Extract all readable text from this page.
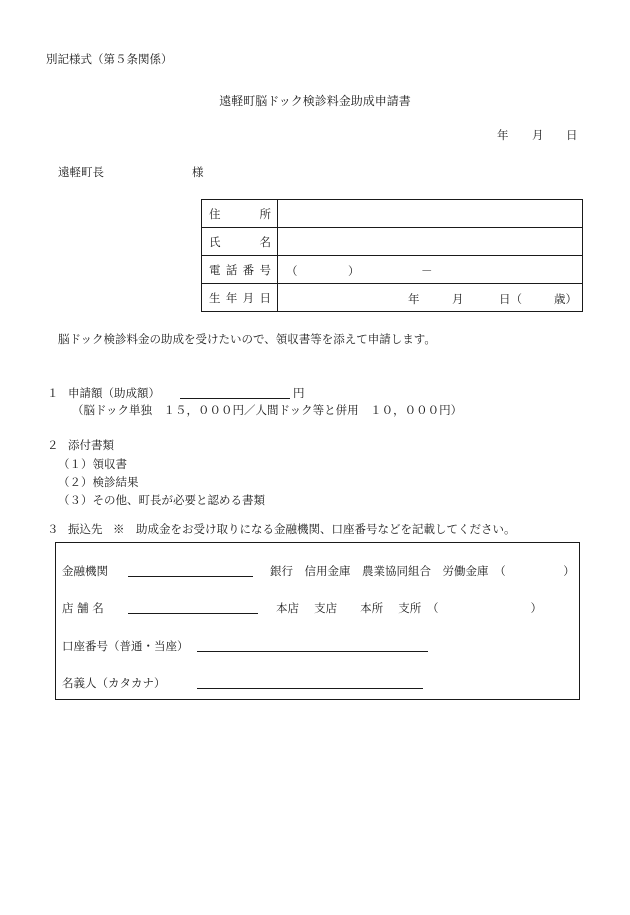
別記様式（第５条関係）
遠軽町脳ドック検診料金助成申請書
年 月 日
遠軽町長	様
住 所	

氏 名	

電 話 番 号	（ ） －

生 年 月 日	年 月 日（ 歳）
脳ドック検診料金の助成を受けたいので、領収書等を添えて申請します。
１ 申請額（助成額）	円
（脳ドック単独　１５，０００円／人間ドック等と併用　１０，０００円）
２ 添付書類
（１）領収書
（２）検診結果
（３）その他、町長が必要と認める書類
３ 振込先 ※　助成金をお受け取りになる金融機関、口座番号などを記載してください。
金融機関	銀行　信用金庫　農業協同組合　労働金庫　（　　　　　）
店 舗 名	本店　 支店　　本所　 支所　（　　　　　　　　）
口座番号（普通・当座）
名義人（カタカナ）
